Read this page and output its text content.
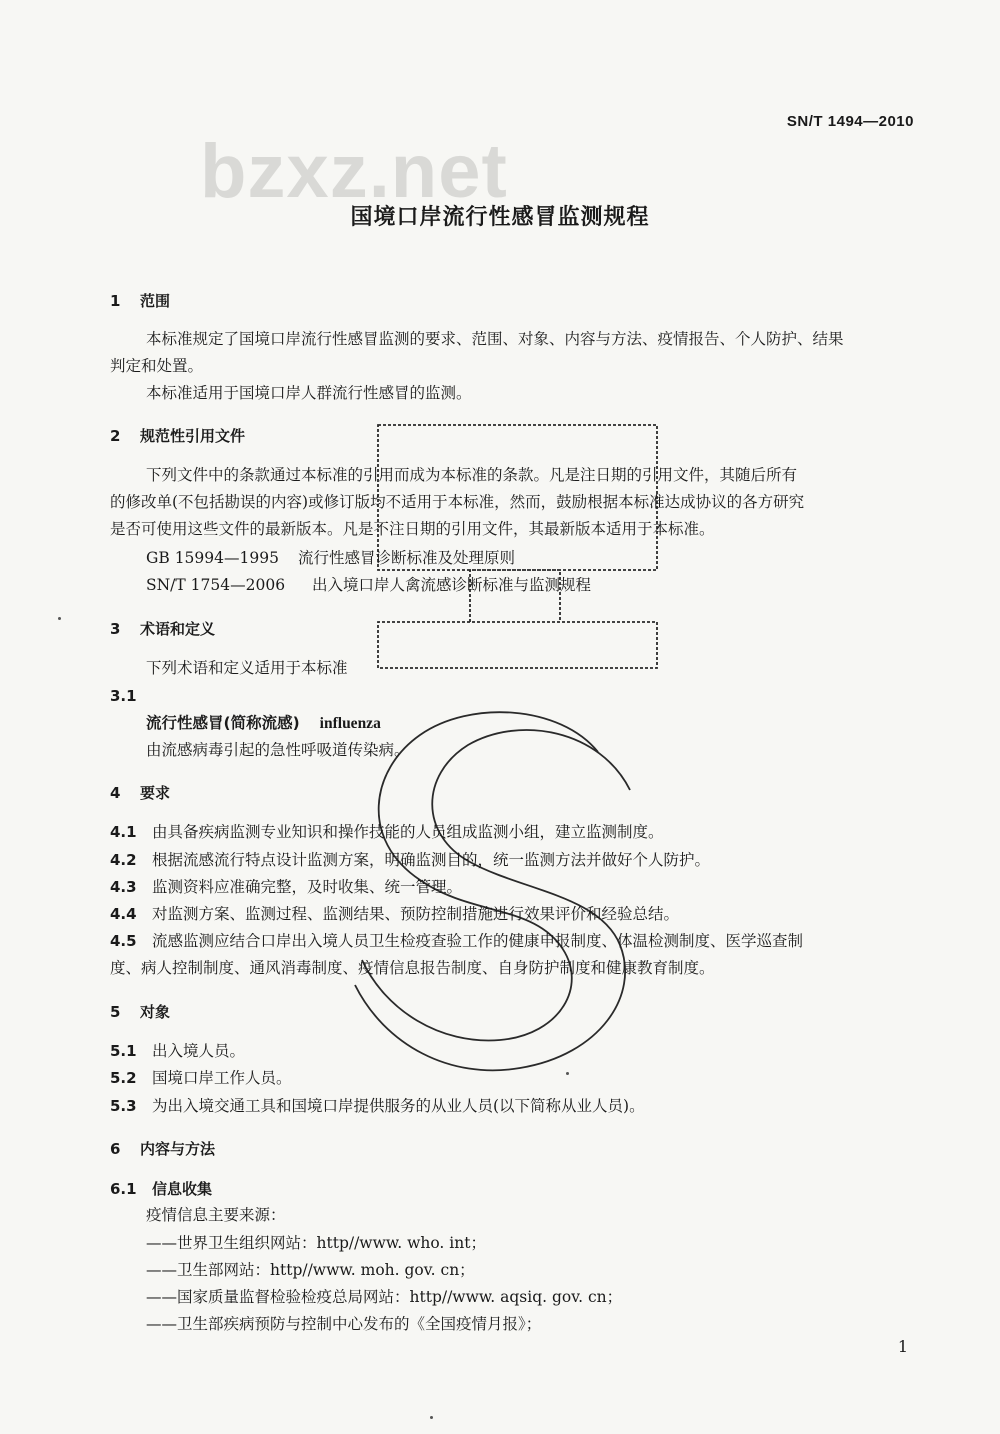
bzxz.net
SN/T 1494—2010
国境口岸流行性感冒监测规程
1 范围
本标准规定了国境口岸流行性感冒监测的要求、范围、对象、内容与方法、疫情报告、个人防护、结果
判定和处置。
本标准适用于国境口岸人群流行性感冒的监测。
2 规范性引用文件
下列文件中的条款通过本标准的引用而成为本标准的条款。凡是注日期的引用文件，其随后所有
的修改单(不包括勘误的内容)或修订版均不适用于本标准，然而，鼓励根据本标准达成协议的各方研究
是否可使用这些文件的最新版本。凡是不注日期的引用文件，其最新版本适用于本标准。
GB 15994—1995 流行性感冒诊断标准及处理原则
SN/T 1754—2006 出入境口岸人禽流感诊断标准与监测规程
3 术语和定义
下列术语和定义适用于本标准
3.1
流行性感冒(简称流感) influenza
由流感病毒引起的急性呼吸道传染病。
4 要求
4.1 由具备疾病监测专业知识和操作技能的人员组成监测小组，建立监测制度。
4.2 根据流感流行特点设计监测方案，明确监测目的，统一监测方法并做好个人防护。
4.3 监测资料应准确完整，及时收集、统一管理。
4.4 对监测方案、监测过程、监测结果、预防控制措施进行效果评价和经验总结。
4.5 流感监测应结合口岸出入境人员卫生检疫查验工作的健康申报制度、体温检测制度、医学巡查制
度、病人控制制度、通风消毒制度、疫情信息报告制度、自身防护制度和健康教育制度。
5 对象
5.1 出入境人员。
5.2 国境口岸工作人员。
5.3 为出入境交通工具和国境口岸提供服务的从业人员(以下简称从业人员)。
6 内容与方法
6.1 信息收集
疫情信息主要来源：
——世界卫生组织网站：http//www. who. int；
——卫生部网站：http//www. moh. gov. cn；
——国家质量监督检验检疫总局网站：http//www. aqsiq. gov. cn；
——卫生部疾病预防与控制中心发布的《全国疫情月报》；
1
